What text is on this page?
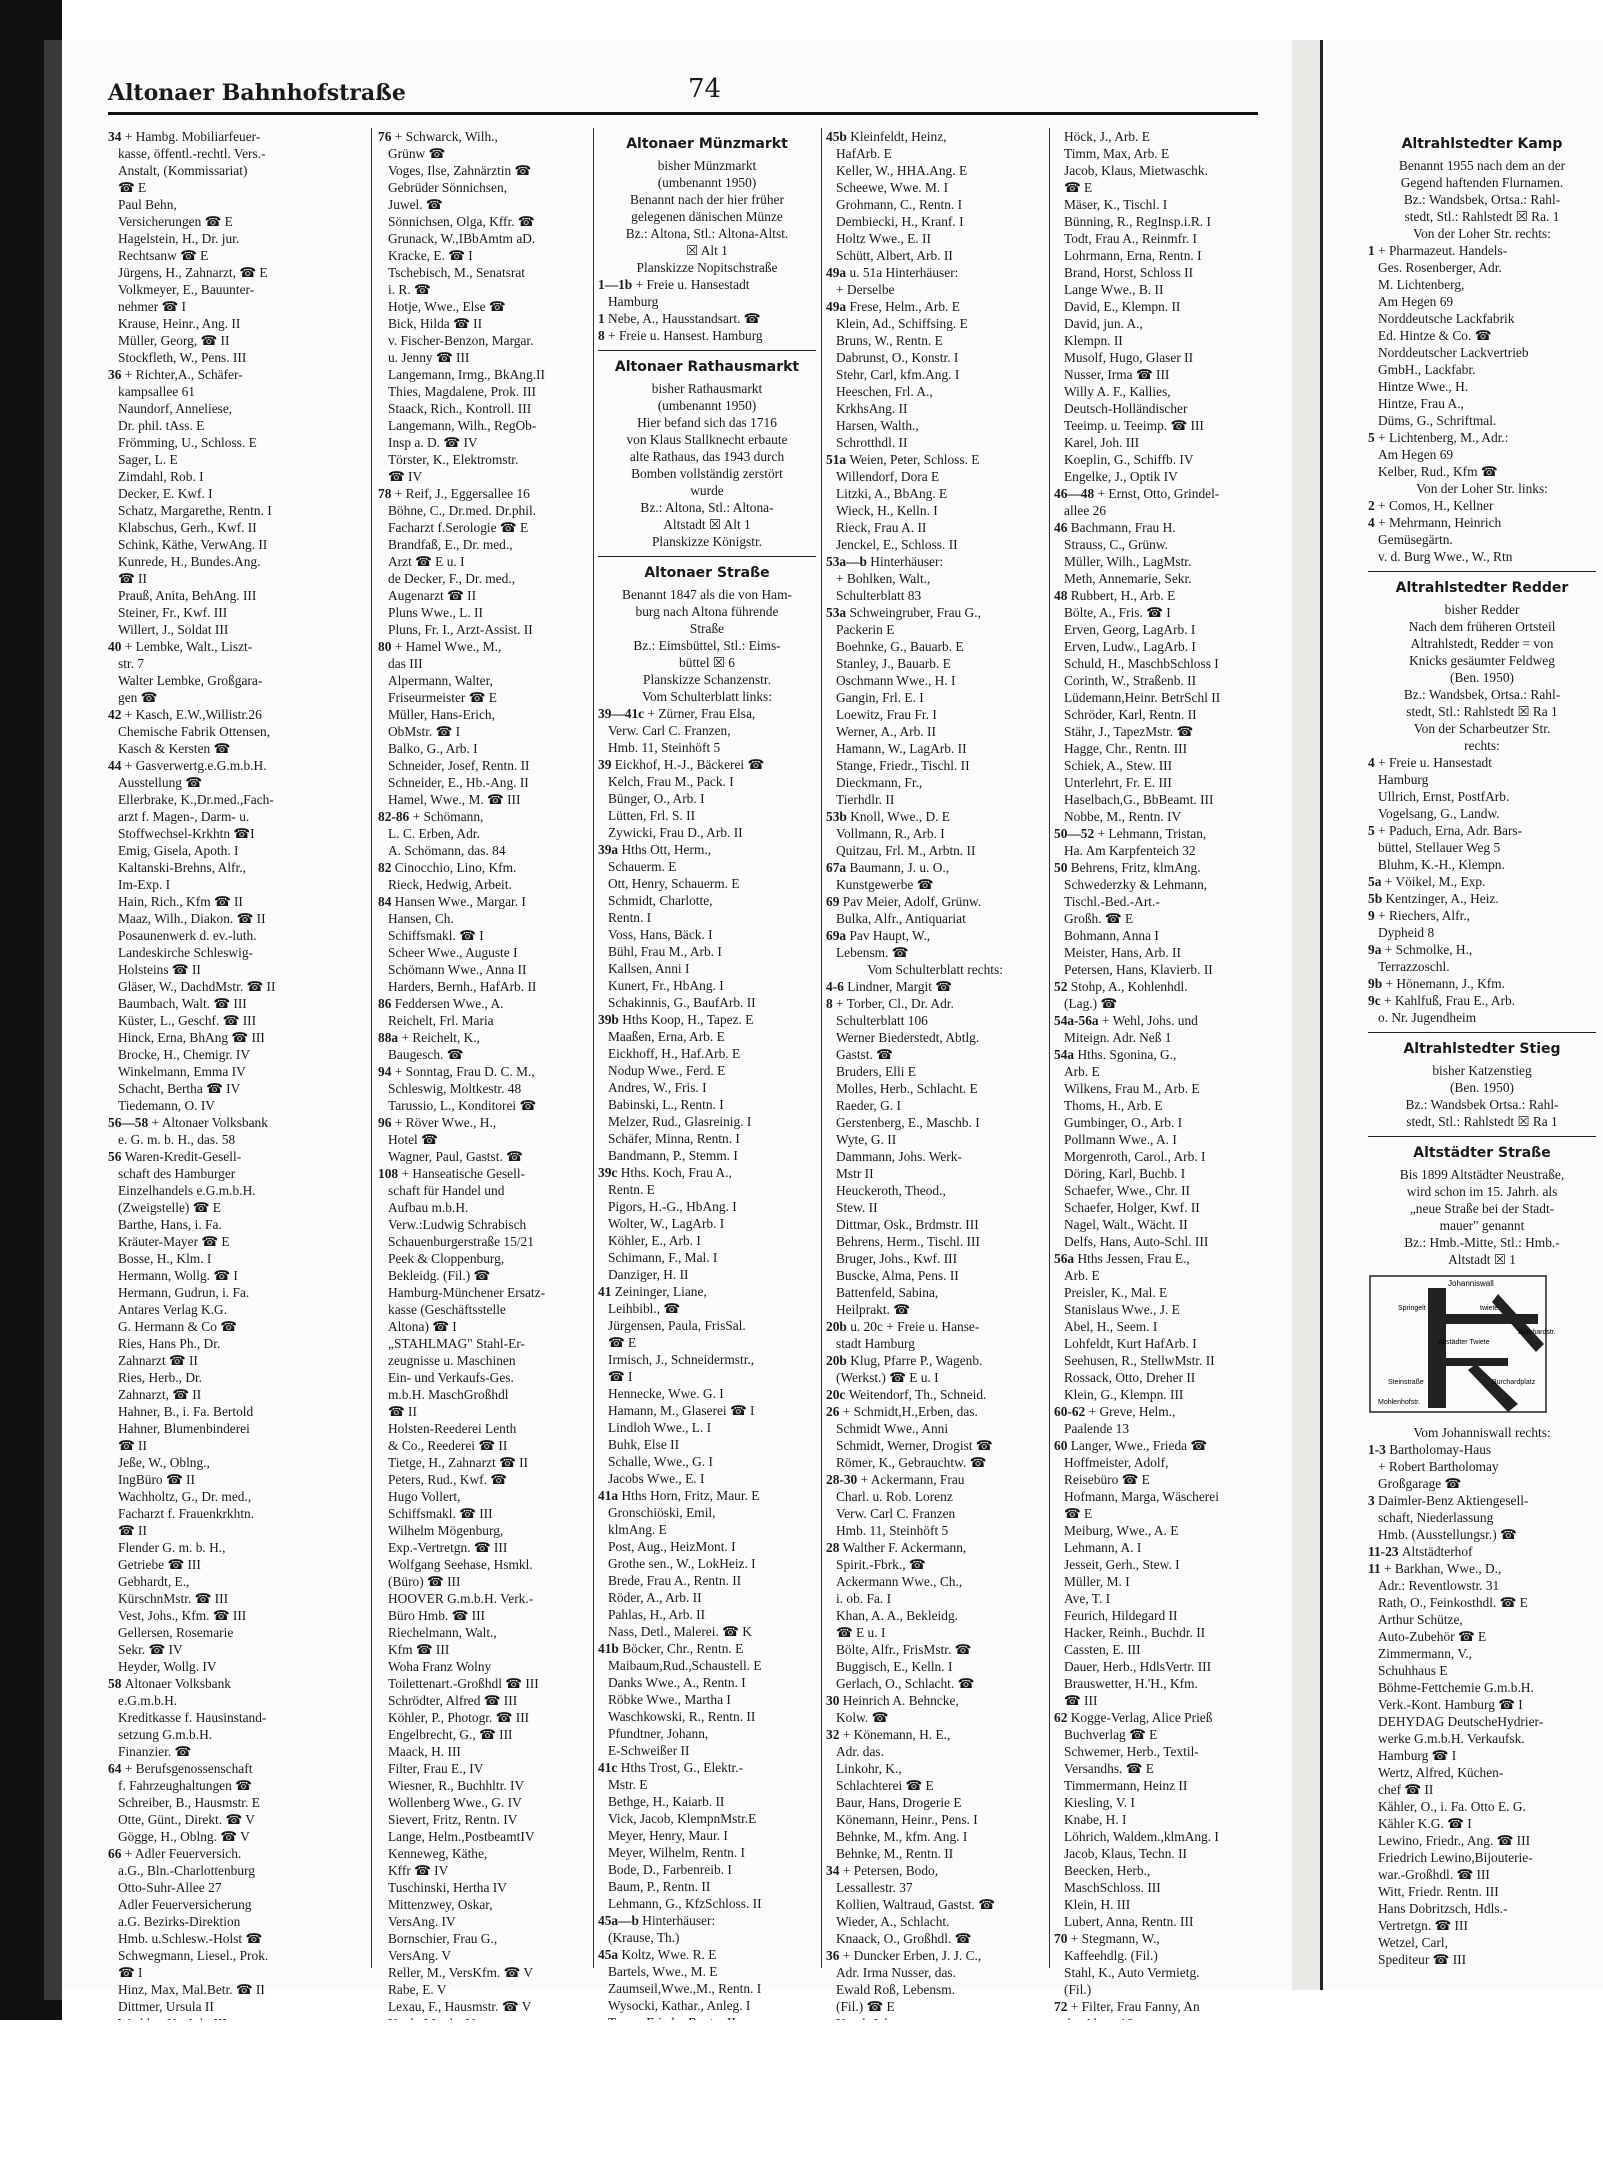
Altonaer Bahnhofstraße	74
34 + Hambg. Mobiliarfeuer-
kasse, öffentl.-rechtl. Vers.-
Anstalt, (Kommissariat)
☎ E
Paul Behn,
Versicherungen ☎ E
Hagelstein, H., Dr. jur.
Rechtsanw ☎ E
Jürgens, H., Zahnarzt, ☎ E
Volkmeyer, E., Bauunter-
nehmer ☎ I
Krause, Heinr., Ang. II
Müller, Georg, ☎ II
Stockfleth, W., Pens. III
36 + Richter,A., Schäfer-
kampsallee 61
Naundorf, Anneliese,
Dr. phil. tAss. E
Frömming, U., Schloss. E
Sager, L. E
Zimdahl, Rob. I
Decker, E. Kwf. I
Schatz, Margarethe, Rentn. I
Klabschus, Gerh., Kwf. II
Schink, Käthe, VerwAng. II
Kunrede, H., Bundes.Ang.
☎ II
Prauß, Anita, BehAng. III
Steiner, Fr., Kwf. III
Willert, J., Soldat III
40 + Lembke, Walt., Liszt-
str. 7
Walter Lembke, Großgara-
gen ☎
42 + Kasch, E.W.,Willistr.26
Chemische Fabrik Ottensen,
Kasch & Kersten ☎
44 + Gasverwertg.e.G.m.b.H.
Ausstellung ☎
Ellerbrake, K.,Dr.med.,Fach-
arzt f. Magen-, Darm- u.
Stoffwechsel-Krkhtn ☎I
Emig, Gisela, Apoth. I
Kaltanski-Brehns, Alfr.,
Im-Exp. I
Hain, Rich., Kfm ☎ II
Maaz, Wilh., Diakon. ☎ II
Posaunenwerk d. ev.-luth.
Landeskirche Schleswig-
Holsteins ☎ II
Gläser, W., DachdMstr. ☎ II
Baumbach, Walt. ☎ III
Küster, L., Geschf. ☎ III
Hinck, Erna, BhAng ☎ III
Brocke, H., Chemigr. IV
Winkelmann, Emma IV
Schacht, Bertha ☎ IV
Tiedemann, O. IV
56—58 + Altonaer Volksbank
e. G. m. b. H., das. 58
56 Waren-Kredit-Gesell-
schaft des Hamburger
Einzelhandels e.G.m.b.H.
(Zweigstelle) ☎ E
Barthe, Hans, i. Fa.
Kräuter-Mayer ☎ E
Bosse, H., Klm. I
Hermann, Wollg. ☎ I
Hermann, Gudrun, i. Fa.
Antares Verlag K.G.
G. Hermann & Co ☎
Ries, Hans Ph., Dr.
Zahnarzt ☎ II
Ries, Herb., Dr.
Zahnarzt, ☎ II
Hahner, B., i. Fa. Bertold
Hahner, Blumenbinderei
☎ II
Jeße, W., Oblng.,
IngBüro ☎ II
Wachholtz, G., Dr. med.,
Facharzt f. Frauenkrkhtn.
☎ II
Flender G. m. b. H.,
Getriebe ☎ III
Gebhardt, E.,
KürschnMstr. ☎ III
Vest, Johs., Kfm. ☎ III
Gellersen, Rosemarie
Sekr. ☎ IV
Heyder, Wollg. IV
58 Altonaer Volksbank
e.G.m.b.H.
Kreditkasse f. Hausinstand-
setzung G.m.b.H.
Finanzier. ☎
64 + Berufsgenossenschaft
f. Fahrzeughaltungen ☎
Schreiber, B., Hausmstr. E
Otte, Günt., Direkt. ☎ V
Gögge, H., Oblng. ☎ V
66 + Adler Feuerversich.
a.G., Bln.-Charlottenburg
Otto-Suhr-Allee 27
Adler Feuerversicherung
a.G. Bezirks-Direktion
Hmb. u.Schlesw.-Holst ☎
Schwegmann, Liesel., Prok.
☎ I
Hinz, Max, Mal.Betr. ☎ II
Dittmer, Ursula II
76 + Schwarck, Wilh.,
Grünw ☎
Voges, Ilse, Zahnärztin ☎
Gebrüder Sönnichsen,
Juwel. ☎
Sönnichsen, Olga, Kffr. ☎
Grunack, W.,IBbAmtm aD.
Kracke, E. ☎ I
Tschebisch, M., Senatsrat
i. R. ☎
Hotje, Wwe., Else ☎
Bick, Hilda ☎ II
v. Fischer-Benzon, Margar.
u. Jenny ☎ III
Langemann, Irmg., BkAng.II
Thies, Magdalene, Prok. III
Staack, Rich., Kontroll. III
Langemann, Wilh., RegOb-
Insp a. D. ☎ IV
Törster, K., Elektromstr.
☎ IV
78 + Reif, J., Eggersallee 16
Böhne, C., Dr.med. Dr.phil.
Facharzt f.Serologie ☎ E
Brandfaß, E., Dr. med.,
Arzt ☎ E u. I
de Decker, F., Dr. med.,
Augenarzt ☎ II
Pluns Wwe., L. II
Pluns, Fr. I., Arzt-Assist. II
80 + Hamel Wwe., M.,
das III
Alpermann, Walter,
Friseurmeister ☎ E
Müller, Hans-Erich,
ObMstr. ☎ I
Balko, G., Arb. I
Schneider, Josef, Rentn. II
Schneider, E., Hb.-Ang. II
Hamel, Wwe., M. ☎ III
82-86 + Schömann,
L. C. Erben, Adr.
A. Schömann, das. 84
82 Cinocchio, Lino, Kfm.
Rieck, Hedwig, Arbeit.
84 Hansen Wwe., Margar. I
Hansen, Ch.
Schiffsmakl. ☎ I
Scheer Wwe., Auguste I
Schömann Wwe., Anna II
Harders, Bernh., HafArb. II
86 Feddersen Wwe., A.
Reichelt, Frl. Maria
88a + Reichelt, K.,
Baugesch. ☎
94 + Sonntag, Frau D. C. M.,
Schleswig, Moltkestr. 48
Tarussio, L., Konditorei ☎
96 + Röver Wwe., H.,
Hotel ☎
Wagner, Paul, Gastst. ☎
108 + Hanseatische Gesell-
schaft für Handel und
Aufbau m.b.H.
Verw.:Ludwig Schrabisch
Schauenburgerstraße 15/21
Peek & Cloppenburg,
Bekleidg. (Fil.) ☎
Hamburg-Münchener Ersatz-
kasse (Geschäftsstelle
Altona) ☎ I
„STAHLMAG" Stahl-Er-
zeugnisse u. Maschinen
Ein- und Verkaufs-Ges.
m.b.H. MaschGroßhdl
☎ II
Holsten-Reederei Lenth
& Co., Reederei ☎ II
Tietge, H., Zahnarzt ☎ II
Peters, Rud., Kwf. ☎
Hugo Vollert,
Schiffsmakl. ☎ III
Wilhelm Mögenburg,
Exp.-Vertretgn. ☎ III
Wolfgang Seehase, Hsmkl.
(Büro) ☎ III
HOOVER G.m.b.H. Verk.-
Büro Hmb. ☎ III
Riechelmann, Walt.,
Kfm ☎ III
Woha Franz Wolny
Toilettenart.-Großhdl ☎ III
Schrödter, Alfred ☎ III
Köhler, P., Photogr. ☎ III
Engelbrecht, G., ☎ III
Maack, H. III
Filter, Frau E., IV
Wiesner, R., Buchhltr. IV
Wollenberg Wwe., G. IV
Sievert, Fritz, Rentn. IV
Lange, Helm.,PostbeamtIV
Kenneweg, Käthe,
Kffr ☎ IV
Tuschinski, Hertha IV
Mittenzwey, Oskar,
VersAng. IV
Bornschier, Frau G.,
VersAng. V
Reller, M., VersKfm. ☎ V
Rabe, E. V
Lexau, F., Hausmstr. ☎ V
Altonaer Münzmarkt
bisher Münzmarkt
(umbenannt 1950)
Benannt nach der hier früher
gelegenen dänischen Münze
Bz.: Altona, Stl.: Altona-Altst.
☒ Alt 1
Planskizze Nopitschstraße
1—1b + Freie u. Hansestadt
Hamburg
1 Nebe, A., Hausstandsart. ☎
8 + Freie u. Hansest. Hamburg
Altonaer Rathausmarkt
bisher Rathausmarkt
(umbenannt 1950)
Hier befand sich das 1716
von Klaus Stallknecht erbaute
alte Rathaus, das 1943 durch
Bomben vollständig zerstört
wurde
Bz.: Altona, Stl.: Altona-
Altstadt ☒ Alt 1
Planskizze Königstr.
Altonaer Straße
Benannt 1847 als die von Ham-
burg nach Altona führende
Straße
Bz.: Eimsbüttel, Stl.: Eims-
büttel ☒ 6
Planskizze Schanzenstr.
Vom Schulterblatt links:
39—41c + Zürner, Frau Elsa,
Verw. Carl C. Franzen,
Hmb. 11, Steinhöft 5
39 Eickhof, H.-J., Bäckerei ☎
Kelch, Frau M., Pack. I
Bünger, O., Arb. I
Lütten, Frl. S. II
Zywicki, Frau D., Arb. II
39a Hths Ott, Herm.,
Schauerm. E
Ott, Henry, Schauerm. E
Schmidt, Charlotte,
Rentn. I
Voss, Hans, Bäck. I
Bühl, Frau M., Arb. I
Kallsen, Anni I
Kunert, Fr., HbAng. I
Schakinnis, G., BaufArb. II
39b Hths Koop, H., Tapez. E
Maaßen, Erna, Arb. E
Eickhoff, H., Haf.Arb. E
Nodup Wwe., Ferd. E
Andres, W., Fris. I
Babinski, L., Rentn. I
Melzer, Rud., Glasreinig. I
Schäfer, Minna, Rentn. I
Bandmann, P., Stemm. I
39c Hths. Koch, Frau A.,
Rentn. E
Pigors, H.-G., HbAng. I
Wolter, W., LagArb. I
Köhler, E., Arb. I
Schimann, F., Mal. I
Danziger, H. II
41 Zeininger, Liane,
Leihbibl., ☎
Jürgensen, Paula, FrisSal.
☎ E
Irmisch, J., Schneidermstr.,
☎ I
Hennecke, Wwe. G. I
Hamann, M., Glaserei ☎ I
Lindloh Wwe., L. I
Buhk, Else II
Schalle, Wwe., G. I
Jacobs Wwe., E. I
41a Hths Horn, Fritz, Maur. E
Gronschiöski, Emil,
klmAng. E
Post, Aug., HeizMont. I
Grothe sen., W., LokHeiz. I
Brede, Frau A., Rentn. II
Röder, A., Arb. II
Pahlas, H., Arb. II
Nass, Detl., Malerei. ☎ K
41b Böcker, Chr., Rentn. E
Maibaum,Rud.,Schaustell. E
Danks Wwe., A., Rentn. I
Röbke Wwe., Martha I
Waschkowski, R., Rentn. II
Pfundtner, Johann,
E-Schweißer II
41c Hths Trost, G., Elektr.-
Mstr. E
Bethge, H., Kaiarb. II
Vick, Jacob, KlempnMstr.E
Meyer, Henry, Maur. I
Meyer, Wilhelm, Rentn. I
Bode, D., Farbenreib. I
Baum, P., Rentn. II
Lehmann, G., KfzSchloss. II
45a—b Hinterhäuser:
(Krause, Th.)
45a Koltz, Wwe. R. E
Bartels, Wwe., M. E
Zaumseil,Wwe.,M., Rentn. I
Wysocki, Kathar., Anleg. I
45b Kleinfeldt, Heinz,
HafArb. E
Keller, W., HHA.Ang. E
Scheewe, Wwe. M. I
Grohmann, C., Rentn. I
Dembiecki, H., Kranf. I
Holtz Wwe., E. II
Schütt, Albert, Arb. II
49a u. 51a Hinterhäuser:
+ Derselbe
49a Frese, Helm., Arb. E
Klein, Ad., Schiffsing. E
Bruns, W., Rentn. E
Dabrunst, O., Konstr. I
Stehr, Carl, kfm.Ang. I
Heeschen, Frl. A.,
KrkhsAng. II
Harsen, Walth.,
Schrotthdl. II
51a Weien, Peter, Schloss. E
Willendorf, Dora E
Litzki, A., BbAng. E
Wieck, H., Kelln. I
Rieck, Frau A. II
Jenckel, E., Schloss. II
53a—b Hinterhäuser:
+ Bohlken, Walt.,
Schulterblatt 83
53a Schweingruber, Frau G.,
Packerin E
Boehnke, G., Bauarb. E
Stanley, J., Bauarb. E
Oschmann Wwe., H. I
Gangin, Frl. E. I
Loewitz, Frau Fr. I
Werner, A., Arb. II
Hamann, W., LagArb. II
Stange, Friedr., Tischl. II
Dieckmann, Fr.,
Tierhdlr. II
53b Knoll, Wwe., D. E
Vollmann, R., Arb. I
Quitzau, Frl. M., Arbtn. II
67a Baumann, J. u. O.,
Kunstgewerbe ☎
69 Pav Meier, Adolf, Grünw.
Bulka, Alfr., Antiquariat
69a Pav Haupt, W.,
Lebensm. ☎
Vom Schulterblatt rechts:
4-6 Lindner, Margit ☎
8 + Torber, Cl., Dr. Adr.
Schulterblatt 106
Werner Biederstedt, Abtlg.
Gastst. ☎
Bruders, Elli E
Molles, Herb., Schlacht. E
Raeder, G. I
Gerstenberg, E., Maschb. I
Wyte, G. II
Dammann, Johs. Werk-
Mstr II
Heuckeroth, Theod.,
Stew. II
Dittmar, Osk., Brdmstr. III
Behrens, Herm., Tischl. III
Bruger, Johs., Kwf. III
Buscke, Alma, Pens. II
Battenfeld, Sabina,
Heilprakt. ☎
20b u. 20c + Freie u. Hanse-
stadt Hamburg
20b Klug, Pfarre P., Wagenb.
(Werkst.) ☎ E u. I
20c Weitendorf, Th., Schneid.
26 + Schmidt,H.,Erben, das.
Schmidt Wwe., Anni
Schmidt, Werner, Drogist ☎
Römer, K., Gebrauchtw. ☎
28-30 + Ackermann, Frau
Charl. u. Rob. Lorenz
Verw. Carl C. Franzen
Hmb. 11, Steinhöft 5
28 Walther F. Ackermann,
Spirit.-Fbrk., ☎
Ackermann Wwe., Ch.,
i. ob. Fa. I
Khan, A. A., Bekleidg.
☎ E u. I
Bölte, Alfr., FrisMstr. ☎
Buggisch, E., Kelln. I
Gerlach, O., Schlacht. ☎
30 Heinrich A. Behncke,
Kolw. ☎
32 + Könemann, H. E.,
Adr. das.
Linkohr, K.,
Schlachterei ☎ E
Baur, Hans, Drogerie E
Könemann, Heinr., Pens. I
Behnke, M., kfm. Ang. I
Behnke, M., Rentn. II
34 + Petersen, Bodo,
Lessallestr. 37
Kollien, Waltraud, Gastst. ☎
Wieder, A., Schlacht.
Knaack, O., Großhdl. ☎
36 + Duncker Erben, J. J. C.,
Adr. Irma Nusser, das.
Ewald Roß, Lebensm.
(Fil.) ☎ E
Höck, J., Arb. E
Timm, Max, Arb. E
Jacob, Klaus, Mietwaschk.
☎ E
Mäser, K., Tischl. I
Bünning, R., RegInsp.i.R. I
Todt, Frau A., Reinmfr. I
Lohrmann, Erna, Rentn. I
Brand, Horst, Schloss II
Lange Wwe., B. II
David, E., Klempn. II
David, jun. A.,
Klempn. II
Musolf, Hugo, Glaser II
Nusser, Irma ☎ III
Willy A. F., Kallies,
Deutsch-Holländischer
Teeimp. u. Teeimp. ☎ III
Karel, Joh. III
Koeplin, G., Schiffb. IV
Engelke, J., Optik IV
46—48 + Ernst, Otto, Grindel-
allee 26
46 Bachmann, Frau H.
Strauss, C., Grünw.
Müller, Wilh., LagMstr.
Meth, Annemarie, Sekr.
48 Rubbert, H., Arb. E
Bölte, A., Fris. ☎ I
Erven, Georg, LagArb. I
Erven, Ludw., LagArb. I
Schuld, H., MaschbSchloss I
Corinth, W., Straßenb. II
Lüdemann,Heinr. BetrSchl II
Schröder, Karl, Rentn. II
Stähr, J., TapezMstr. ☎
Hagge, Chr., Rentn. III
Schiek, A., Stew. III
Unterlehrt, Fr. E. III
Haselbach,G., BbBeamt. III
Nobbe, M., Rentn. IV
50—52 + Lehmann, Tristan,
Ha. Am Karpfenteich 32
50 Behrens, Fritz, klmAng.
Schwederzky & Lehmann,
Tischl.-Bed.-Art.-
Großh. ☎ E
Bohmann, Anna I
Meister, Hans, Arb. II
Petersen, Hans, Klavierb. II
52 Stohp, A., Kohlenhdl.
(Lag.) ☎
54a-56a + Wehl, Johs. und
Miteign. Adr. Neß 1
54a Hths. Sgonina, G.,
Arb. E
Wilkens, Frau M., Arb. E
Thoms, H., Arb. E
Gumbinger, O., Arb. I
Pollmann Wwe., A. I
Morgenroth, Carol., Arb. I
Döring, Karl, Buchb. I
Schaefer, Wwe., Chr. II
Schaefer, Holger, Kwf. II
Nagel, Walt., Wächt. II
Delfs, Hans, Auto-Schl. III
56a Hths Jessen, Frau E.,
Arb. E
Preisler, K., Mal. E
Stanislaus Wwe., J. E
Abel, H., Seem. I
Lohfeldt, Kurt HafArb. I
Seehusen, R., StellwMstr. II
Rossack, Otto, Dreher II
Klein, G., Klempn. III
60-62 + Greve, Helm.,
Paalende 13
60 Langer, Wwe., Frieda ☎
Hoffmeister, Adolf,
Reisebüro ☎ E
Hofmann, Marga, Wäscherei
☎ E
Meiburg, Wwe., A. E
Lehmann, A. I
Jesseit, Gerh., Stew. I
Müller, M. I
Ave, T. I
Feurich, Hildegard II
Hacker, Reinh., Buchdr. II
Cassten, E. III
Dauer, Herb., HdlsVertr. III
Brauswetter, H.'H., Kfm.
☎ III
62 Kogge-Verlag, Alice Prieß
Buchverlag ☎ E
Schwemer, Herb., Textil-
Versandhs. ☎ E
Timmermann, Heinz II
Kiesling, V. I
Knabe, H. I
Löhrich, Waldem.,klmAng. I
Jacob, Klaus, Techn. II
Beecken, Herb.,
MaschSchloss. III
Klein, H. III
Lubert, Anna, Rentn. III
70 + Stegmann, W.,
Kaffeehdlg. (Fil.)
Stahl, K., Auto Vermietg.
(Fil.)
72 + Filter, Frau Fanny, An
Altrahlstedter Kamp
Benannt 1955 nach dem an der
Gegend haftenden Flurnamen.
Bz.: Wandsbek, Ortsa.: Rahl-
stedt, Stl.: Rahlstedt ☒ Ra. 1
Von der Loher Str. rechts:
1 + Pharmazeut. Handels-
Ges. Rosenberger, Adr.
M. Lichtenberg,
Am Hegen 69
Norddeutsche Lackfabrik
Ed. Hintze & Co. ☎
Norddeutscher Lackvertrieb
GmbH., Lackfabr.
Hintze Wwe., H.
Hintze, Frau A.,
Düms, G., Schriftmal.
5 + Lichtenberg, M., Adr.:
Am Hegen 69
Kelber, Rud., Kfm ☎
Von der Loher Str. links:
2 + Comos, H., Kellner
4 + Mehrmann, Heinrich
Gemüsegärtn.
v. d. Burg Wwe., W., Rtn
Altrahlstedter Redder
bisher Redder
Nach dem früheren Ortsteil
Altrahlstedt, Redder = von
Knicks gesäumter Feldweg
(Ben. 1950)
Bz.: Wandsbek, Ortsa.: Rahl-
stedt, Stl.: Rahlstedt ☒ Ra 1
Von der Scharbeutzer Str.
rechts:
4 + Freie u. Hansestadt
Hamburg
Ullrich, Ernst, PostfArb.
Vogelsang, G., Landw.
5 + Paduch, Erna, Adr. Bars-
büttel, Stellauer Weg 5
Bluhm, K.-H., Klempn.
5a + Vöikel, M., Exp.
5b Kentzinger, A., Heiz.
9 + Riechers, Alfr.,
Dypheid 8
9a + Schmolke, H.,
Terrazzoschl.
9b + Hönemann, J., Kfm.
9c + Kahlfuß, Frau E., Arb.
o. Nr. Jugendheim
Altrahlstedter Stieg
bisher Katzenstieg
(Ben. 1950)
Bz.: Wandsbek Ortsa.: Rahl-
stedt, Stl.: Rahlstedt ☒ Ra 1
Altstädter Straße
Bis 1899 Altstädter Neustraße,
wird schon im 15. Jahrh. als
„neue Straße bei der Stadt-
mauer" genannt
Bz.: Hmb.-Mitte, Stl.: Hmb.-
Altstadt ☒ 1
Johanniswall
Springelt	twiete
Steinstraße
Altstädter Twiete
Mohlenhofstr.
Burchardplatz
Burchardstr.
Vom Johanniswall rechts:
1-3 Bartholomay-Haus
+ Robert Bartholomay
Großgarage ☎
3 Daimler-Benz Aktiengesell-
schaft, Niederlassung
Hmb. (Ausstellungsr.) ☎
11-23 Altstädterhof
11 + Barkhan, Wwe., D.,
Adr.: Reventlowstr. 31
Rath, O., Feinkosthdl. ☎ E
Arthur Schütze,
Auto-Zubehör ☎ E
Zimmermann, V.,
Schuhhaus E
Böhme-Fettchemie G.m.b.H.
Verk.-Kont. Hamburg ☎ I
DEHYDAG DeutscheHydrier-
werke G.m.b.H. Verkaufsk.
Hamburg ☎ I
Wertz, Alfred, Küchen-
chef ☎ II
Kähler, O., i. Fa. Otto E. G.
Kähler K.G. ☎ I
Lewino, Friedr., Ang. ☎ III
Friedrich Lewino,Bijouterie-
war.-Großhdl. ☎ III
Witt, Friedr. Rentn. III
Hans Dobritzsch, Hdls.-
Vertretgn. ☎ III
Wetzel, Carl,
Spediteur ☎ III
